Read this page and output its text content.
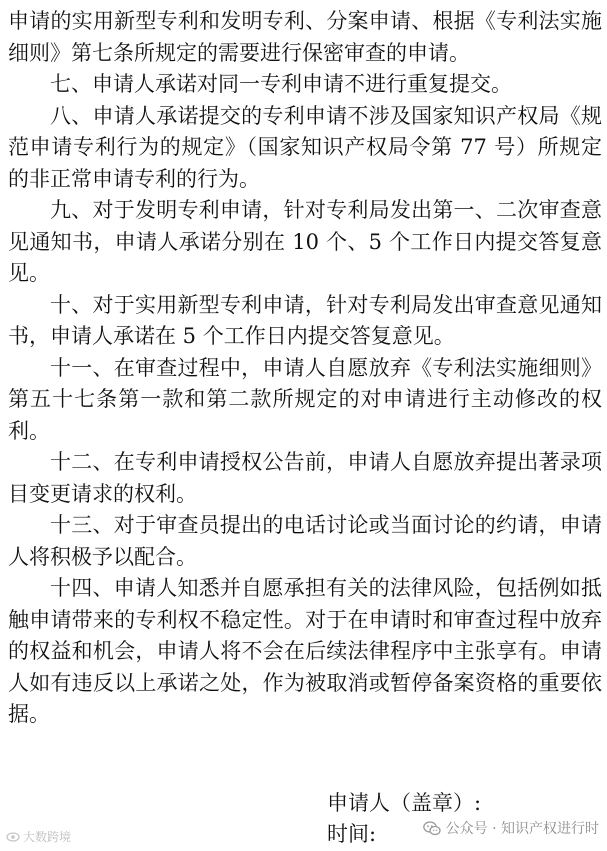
申请的实用新型专利和发明专利、分案申请、根据《专利法实施细则》第七条所规定的需要进行保密审查的申请。

七、申请人承诺对同一专利申请不进行重复提交。

八、申请人承诺提交的专利申请不涉及国家知识产权局《规范申请专利行为的规定》（国家知识产权局令第 77 号）所规定的非正常申请专利的行为。

九、对于发明专利申请，针对专利局发出第一、二次审查意见通知书，申请人承诺分别在 10 个、5 个工作日内提交答复意见。

十、对于实用新型专利申请，针对专利局发出审查意见通知书，申请人承诺在 5 个工作日内提交答复意见。

十一、在审查过程中，申请人自愿放弃《专利法实施细则》第五十七条第一款和第二款所规定的对申请进行主动修改的权利。

十二、在专利申请授权公告前，申请人自愿放弃提出著录项目变更请求的权利。

十三、对于审查员提出的电话讨论或当面讨论的约请，申请人将积极予以配合。

十四、申请人知悉并自愿承担有关的法律风险，包括例如抵触申请带来的专利权不稳定性。对于在申请时和审查过程中放弃的权益和机会，申请人将不会在后续法律程序中主张享有。申请人如有违反以上承诺之处，作为被取消或暂停备案资格的重要依据。

申请人（盖章）:
时间:
大数跨境	公众号 · 知识产权进行时
